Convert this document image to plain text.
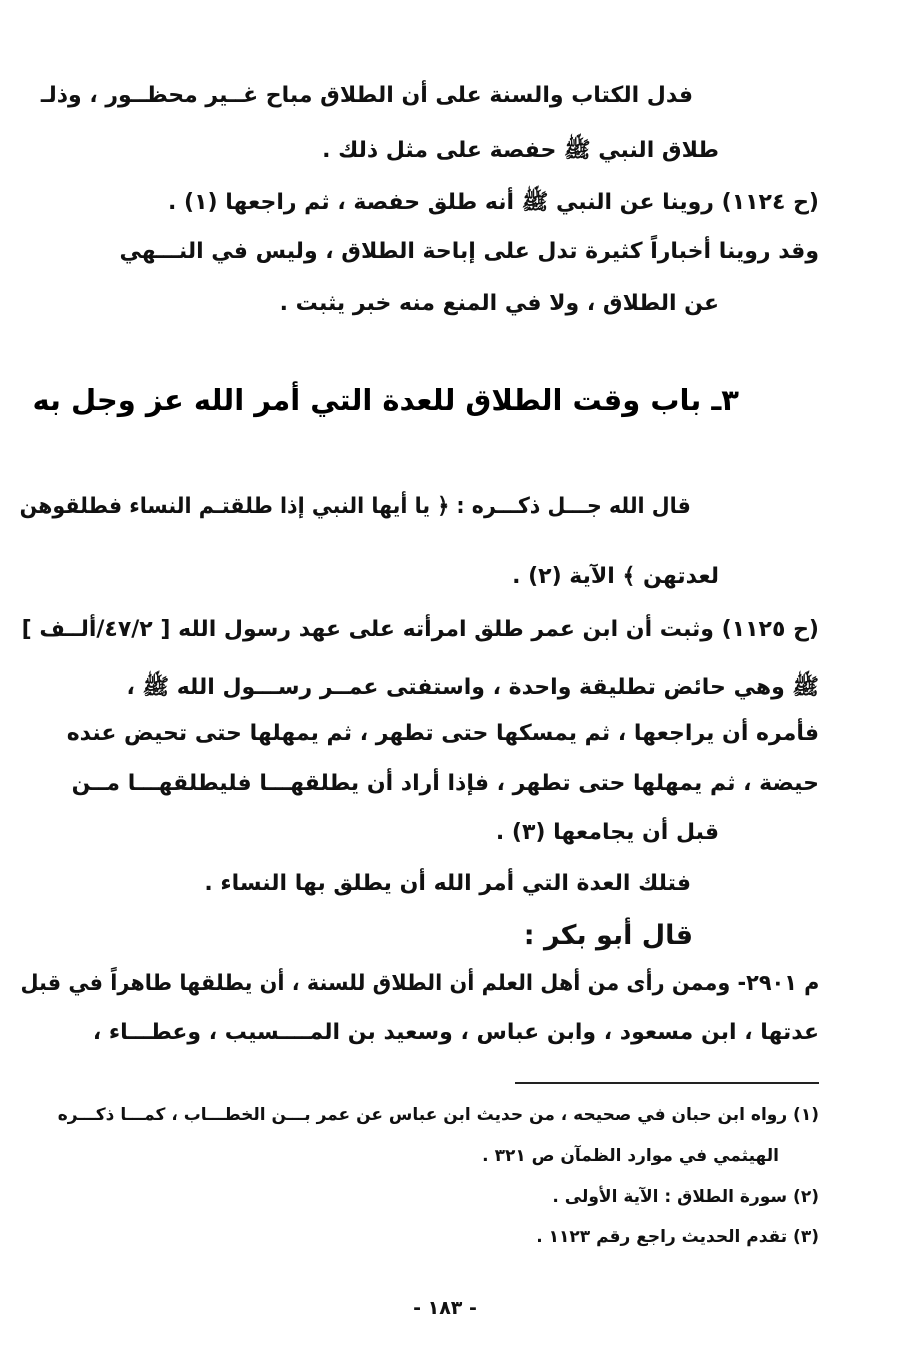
فدل الكتاب والسنة على أن الطلاق مباح غــير محظــور ، وذلـ
طلاق النبي ﷺ حفصة على مثل ذلك .
(ح ١١٢٤) روينا عن النبي ﷺ أنه طلق حفصة ، ثم راجعها (١) .
وقد روينا أخباراً كثيرة تدل على إباحة الطلاق ، وليس في النـــهي
عن الطلاق ، ولا في المنع منه خبر يثبت .
٣ـ باب وقت الطلاق للعدة التي أمر الله عز وجل به
قال الله جـــل ذكـــره : ﴿ يا أيها النبي إذا طلقتـم النساء فطلقوهن
لعدتهن ﴾ الآية (٢) .
(ح ١١٢٥) وثبت أن ابن عمر طلق امرأته على عهد رسول الله [ ٤٧/٢/ألــف ]
ﷺ وهي حائض تطليقة واحدة ، واستفتى عمــر رســـول الله ﷺ ،
فأمره أن يراجعها ، ثم يمسكها حتى تطهر ، ثم يمهلها حتى تحيض عنده
حيضة ، ثم يمهلها حتى تطهر ، فإذا أراد أن يطلقهـــا فليطلقهـــا مــن
قبل أن يجامعها (٣) .
فتلك العدة التي أمر الله أن يطلق بها النساء .
قال أبو بكر :
م ٢٩٠١- وممن رأى من أهل العلم أن الطلاق للسنة ، أن يطلقها طاهراً في قبل
عدتها ، ابن مسعود ، وابن عباس ، وسعيد بن المــــسيب ، وعطـــاء ،
(١) رواه ابن حبان في صحيحه ، من حديث ابن عباس عن عمر بـــن الخطـــاب ، كمـــا ذكـــره
الهيثمي في موارد الظمآن ص ٣٢١ .
(٢) سورة الطلاق : الآية الأولى .
(٣) تقدم الحديث راجع رقم ١١٢٣ .
- ١٨٣ -
